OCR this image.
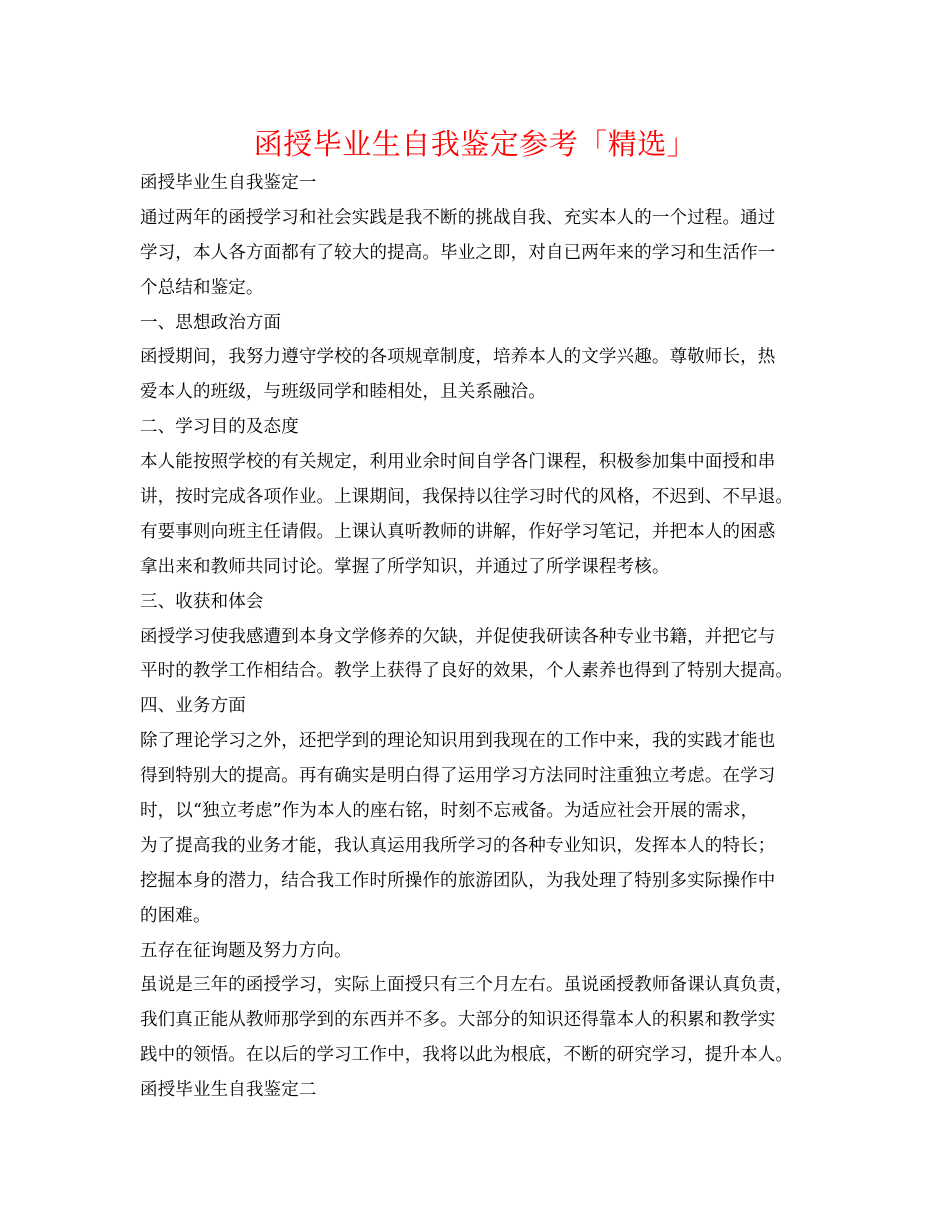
函授毕业生自我鉴定参考「精选」
函授毕业生自我鉴定一
通过两年的函授学习和社会实践是我不断的挑战自我、充实本人的一个过程。通过
学习，本人各方面都有了较大的提高。毕业之即，对自已两年来的学习和生活作一
个总结和鉴定。
一、思想政治方面
函授期间，我努力遵守学校的各项规章制度，培养本人的文学兴趣。尊敬师长，热
爱本人的班级，与班级同学和睦相处，且关系融洽。
二、学习目的及态度
本人能按照学校的有关规定，利用业余时间自学各门课程，积极参加集中面授和串
讲，按时完成各项作业。上课期间，我保持以往学习时代的风格，不迟到、不早退。
有要事则向班主任请假。上课认真听教师的讲解，作好学习笔记，并把本人的困惑
拿出来和教师共同讨论。掌握了所学知识，并通过了所学课程考核。
三、收获和体会
函授学习使我感遭到本身文学修养的欠缺，并促使我研读各种专业书籍，并把它与
平时的教学工作相结合。教学上获得了良好的效果，个人素养也得到了特别大提高。
四、业务方面
除了理论学习之外，还把学到的理论知识用到我现在的工作中来，我的实践才能也
得到特别大的提高。再有确实是明白得了运用学习方法同时注重独立考虑。在学习
时，以“独立考虑”作为本人的座右铭，时刻不忘戒备。为适应社会开展的需求，
为了提高我的业务才能，我认真运用我所学习的各种专业知识，发挥本人的特长；
挖掘本身的潜力，结合我工作时所操作的旅游团队，为我处理了特别多实际操作中
的困难。
五存在征询题及努力方向。
虽说是三年的函授学习，实际上面授只有三个月左右。虽说函授教师备课认真负责，
我们真正能从教师那学到的东西并不多。大部分的知识还得靠本人的积累和教学实
践中的领悟。在以后的学习工作中，我将以此为根底，不断的研究学习，提升本人。
函授毕业生自我鉴定二
